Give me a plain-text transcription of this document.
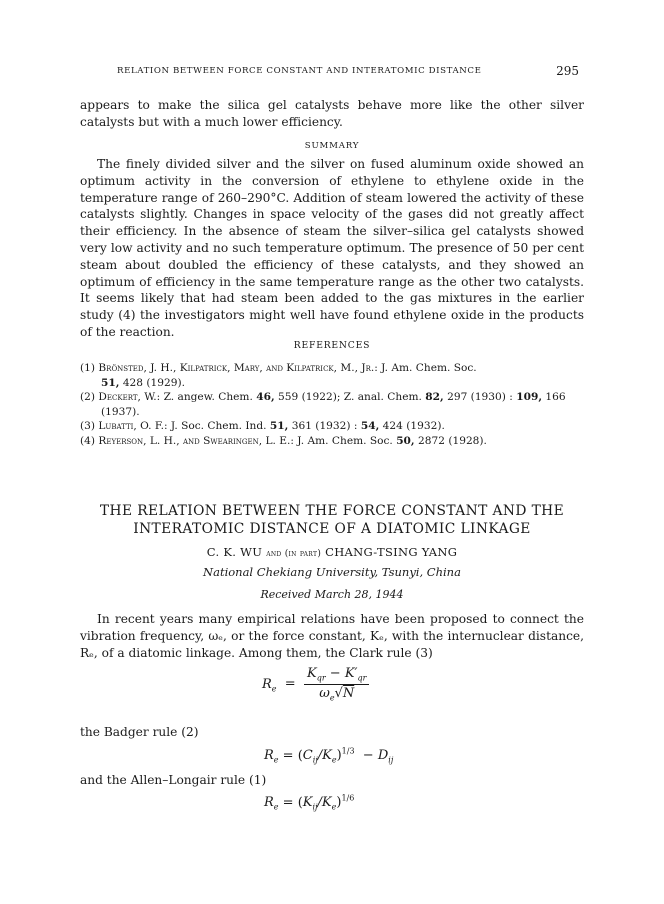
RELATION BETWEEN FORCE CONSTANT AND INTERATOMIC DISTANCE	295

appears to make the silica gel catalysts behave more like the other silver catalysts but with a much lower efficiency.

SUMMARY

The finely divided silver and the silver on fused aluminum oxide showed an optimum activity in the conversion of ethylene to ethylene oxide in the temperature range of 260–290°C. Addition of steam lowered the activity of these catalysts slightly. Changes in space velocity of the gases did not greatly affect their efficiency. In the absence of steam the silver–silica gel catalysts showed very low activity and no such temperature optimum. The presence of 50 per cent steam about doubled the efficiency of these catalysts, and they showed an optimum of efficiency in the same temperature range as the other two catalysts. It seems likely that had steam been added to the gas mixtures in the earlier study (4) the investigators might well have found ethylene oxide in the products of the reaction.

REFERENCES
(1) Brönsted, J. H., Kilpatrick, Mary, and Kilpatrick, M., Jr.: J. Am. Chem. Soc.
51, 428 (1929).
(2) Deckert, W.: Z. angew. Chem. 46, 559 (1922); Z. anal. Chem. 82, 297 (1930) : 109, 166
(1937).
(3) Lubatti, O. F.: J. Soc. Chem. Ind. 51, 361 (1932) : 54, 424 (1932).
(4) Reyerson, L. H., and Swearingen, L. E.: J. Am. Chem. Soc. 50, 2872 (1928).
THE RELATION BETWEEN THE FORCE CONSTANT AND THE
INTERATOMIC DISTANCE OF A DIATOMIC LINKAGE
C. K. WU and (in part) CHANG-TSING YANG
National Chekiang University, Tsunyi, China
Received March 28, 1944

In recent years many empirical relations have been proposed to connect the vibration frequency, ωₑ, or the force constant, Kₑ, with the internuclear distance, Rₑ, of a diatomic linkage. Among them, the Clark rule (3)

$R_e = \frac{K_{qr} - K'_{qr}}{\omega_e√N}$
the Badger rule (2)
$R_e = (C_{ij}/K_e)^{1/3} - D_{ij}$
and the Allen–Longair rule (1)
$R_e = (K_{ij}/K_e)^{1/6}$
